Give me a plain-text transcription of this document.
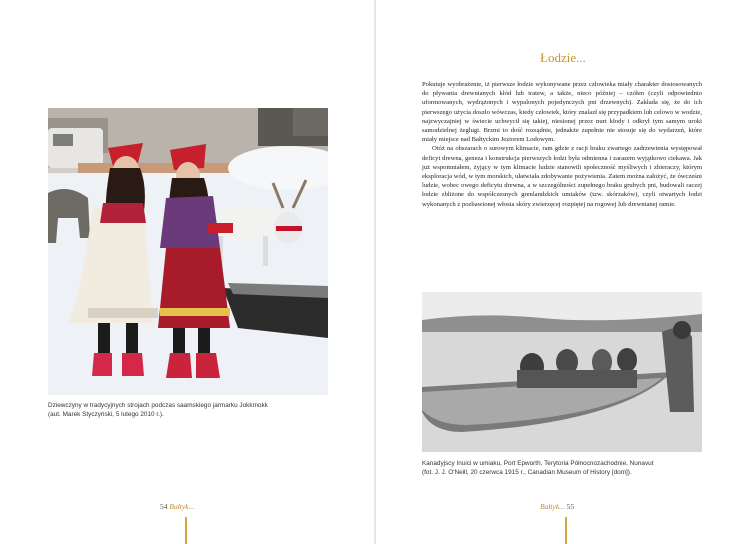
Dziewczyny w tradycyjnych strojach podczas saamskiego jarmarku Jokkmokk
(aut. Marek Styczyński, 5 lutego 2010 r.).
54 Bałtyk...
Łodzie...

Pokutuje wyobrażenie, iż pierwsze łodzie wykonywane przez człowieka miały charakter dostosowanych do pływania drewnianych kłód lub tratew, a także, nieco później – czółen (czyli odpowiednio uformowanych, wydrążonych i wypalonych pojedynczych pni drzewnych). Zakłada się, że do ich pierwszego użycia doszło wówczas, kiedy człowiek, który znalazł się przypadkiem lub celowo w wodzie, najzwyczajniej w świecie uchwycił się takiej, niesionej przez nurt kłody i odkrył tym samym uroki samodzielnej żeglugi. Brzmi to dość rozsądnie, jednakże zupełnie nie stosuje się do wydarzeń, które miały miejsce nad Bałtyckim Jeziorem Lodowym.

Otóż na obszarach o surowym klimacie, ram gdzie z racji braku zwartego zadrzewienia występował deficyt drewna, geneza i konstrukcja pierwszych łodzi była odmienna i zarazem wyjątkowo ciekawa. Jak już wspomniałem, żyjący w tym klimacie ludzie stanowili społeczność myśliwych i zbieraczy, którym eksploracja wód, w tym morskich, ułatwiała zdobywanie pożywienia. Zatem można założyć, że ówcześni ludzie, wobec owego deficytu drewna, a w szczególności zupełnego braku grubych pni, budowali raczej łodzie zbliżone do współczesnych grenlandzkich umiaków (tzw. skórzaków), czyli otwartych łodzi wykonanych z pozbawionej włosia skóry zwierzęcej rozpiętej na rogowej lub drewnianej ramie.

Kanadyjscy Inuici w umiaku, Port Epworth, Terytoria Północnozachodnie, Nunavut
(fot. J. J. O'Neill, 20 czerwca 1915 r., Canadian Museum of History [dom]).
Bałtyk... 55
